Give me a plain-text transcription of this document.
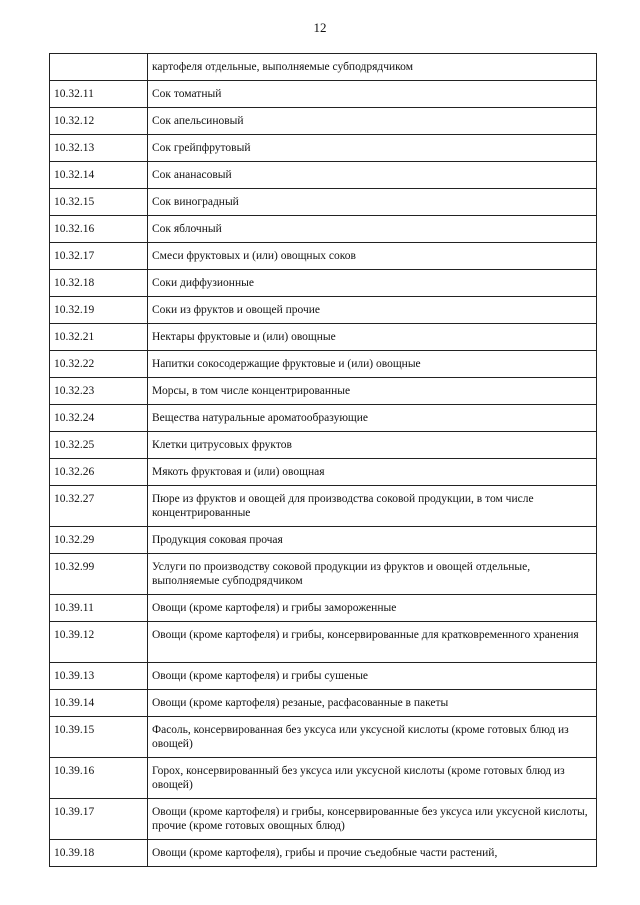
12
	картофеля отдельные, выполняемые субподрядчиком
10.32.11	Сок томатный
10.32.12	Сок апельсиновый
10.32.13	Сок грейпфрутовый
10.32.14	Сок ананасовый
10.32.15	Сок виноградный
10.32.16	Сок яблочный
10.32.17	Смеси фруктовых и (или) овощных соков
10.32.18	Соки диффузионные
10.32.19	Соки из фруктов и овощей прочие
10.32.21	Нектары фруктовые и (или) овощные
10.32.22	Напитки сокосодержащие фруктовые и (или) овощные
10.32.23	Морсы, в том числе концентрированные
10.32.24	Вещества натуральные ароматообразующие
10.32.25	Клетки цитрусовых фруктов
10.32.26	Мякоть фруктовая и (или) овощная
10.32.27	Пюре из фруктов и овощей для производства соковой продукции, в том числе концентрированные
10.32.29	Продукция соковая прочая
10.32.99	Услуги по производству соковой продукции из фруктов и овощей отдельные, выполняемые субподрядчиком
10.39.11	Овощи (кроме картофеля) и грибы замороженные
10.39.12	Овощи (кроме картофеля) и грибы, консервированные для кратковременного хранения
10.39.13	Овощи (кроме картофеля) и грибы сушеные
10.39.14	Овощи (кроме картофеля) резаные, расфасованные в пакеты
10.39.15	Фасоль, консервированная без уксуса или уксусной кислоты (кроме готовых блюд из овощей)
10.39.16	Горох, консервированный без уксуса или уксусной кислоты (кроме готовых блюд из овощей)
10.39.17	Овощи (кроме картофеля) и грибы, консервированные без уксуса или уксусной кислоты, прочие (кроме готовых овощных блюд)
10.39.18	Овощи (кроме картофеля), грибы и прочие съедобные части растений,
